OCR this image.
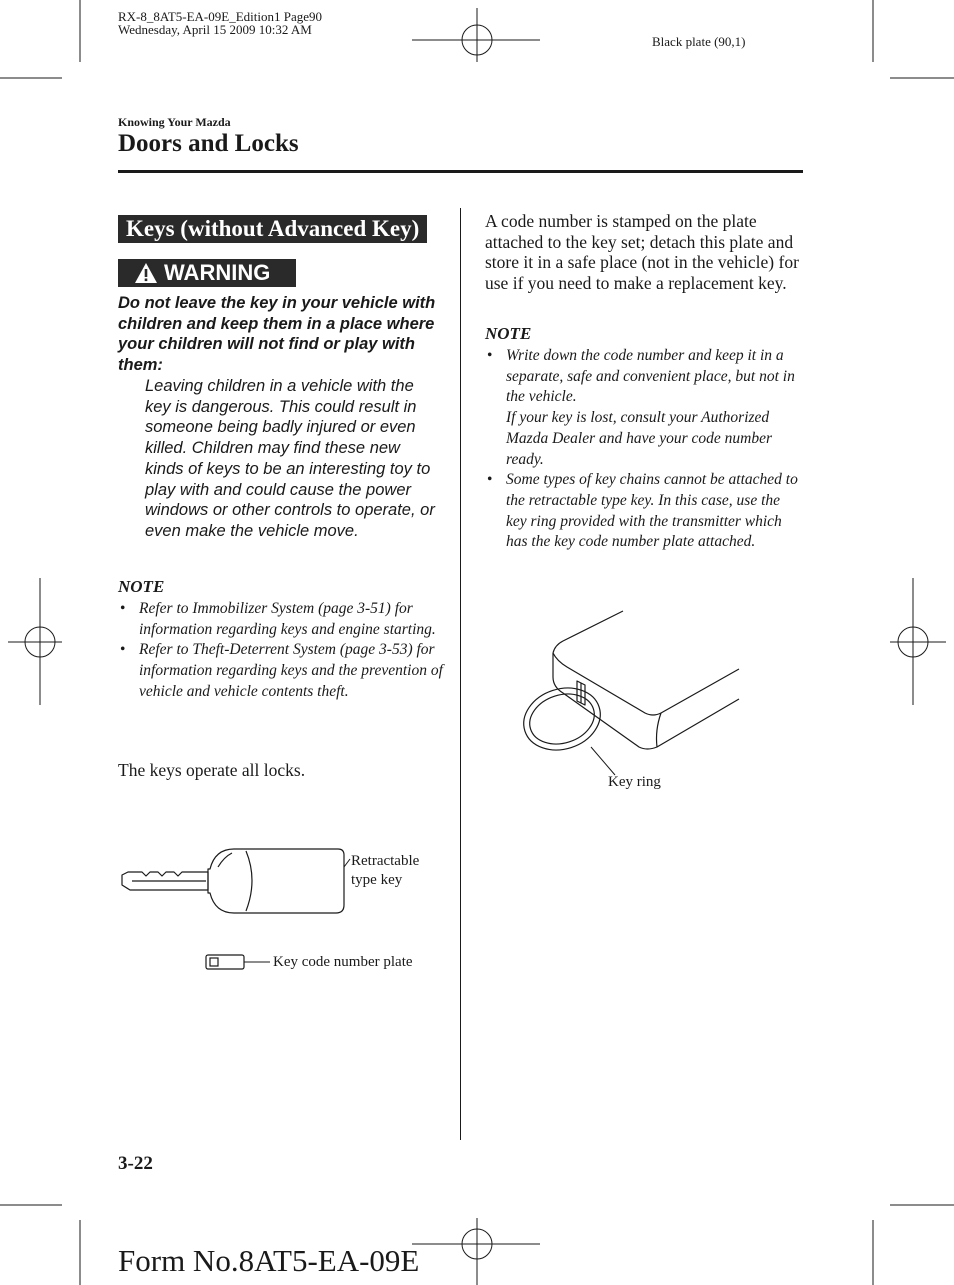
RX-8_8AT5-EA-09E_Edition1 Page90
Wednesday, April 15 2009 10:32 AM
Black plate (90,1)
Knowing Your Mazda
Doors and Locks
Keys (without Advanced Key)
WARNING
Do not leave the key in your vehicle with children and keep them in a place where your children will not find or play with them:
Leaving children in a vehicle with the key is dangerous. This could result in someone being badly injured or even killed. Children may find these new kinds of keys to be an interesting toy to play with and could cause the power windows or other controls to operate, or even make the vehicle move.
NOTE
• Refer to Immobilizer System (page 3-51) for information regarding keys and engine starting.
• Refer to Theft-Deterrent System (page 3-53) for information regarding keys and the prevention of vehicle and vehicle contents theft.
The keys operate all locks.
Retractable
type key
Key code number plate
A code number is stamped on the plate attached to the key set; detach this plate and store it in a safe place (not in the vehicle) for use if you need to make a replacement key.
NOTE
• Write down the code number and keep it in a separate, safe and convenient place, but not in the vehicle.
If your key is lost, consult your Authorized Mazda Dealer and have your code number ready.
• Some types of key chains cannot be attached to the retractable type key. In this case, use the key ring provided with the transmitter which has the key code number plate attached.
Key ring
3-22
Form No.8AT5-EA-09E
